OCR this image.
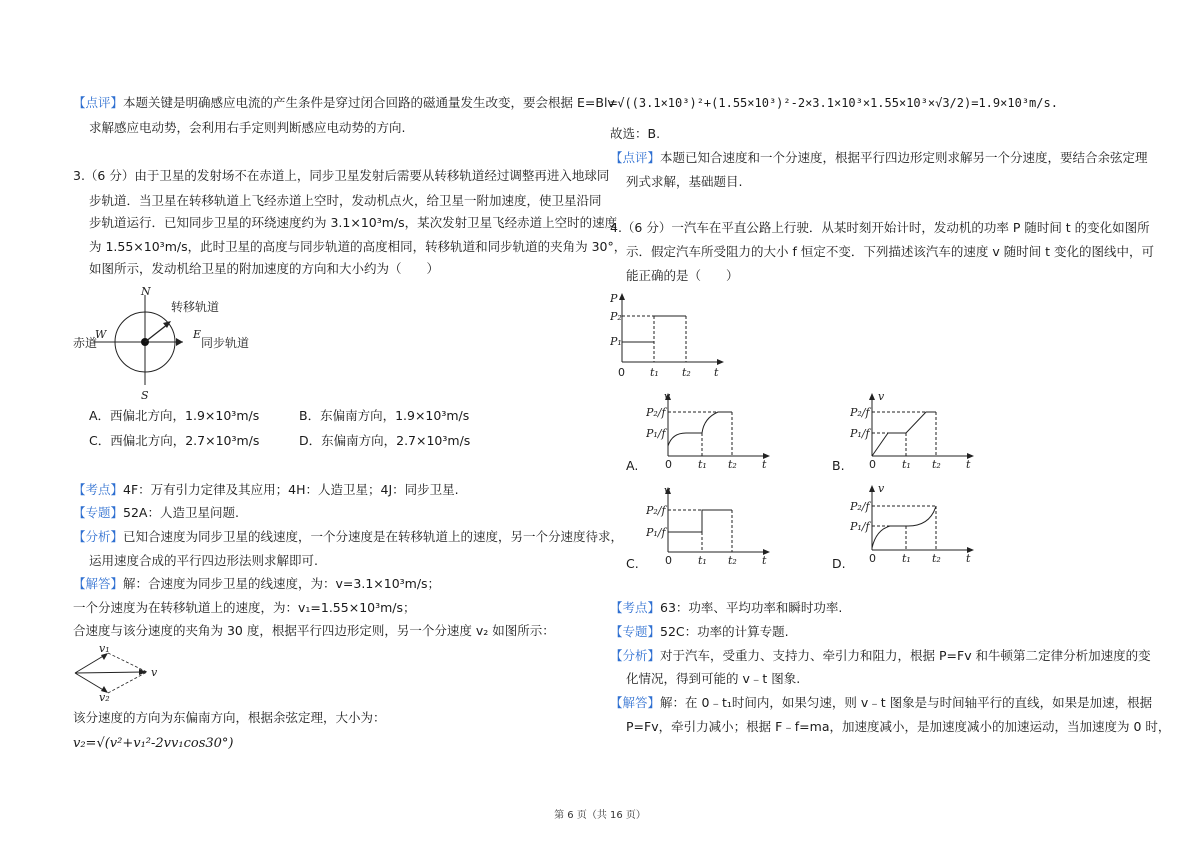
【点评】本题关键是明确感应电流的产生条件是穿过闭合回路的磁通量发生改变，要会根据 E=Blv
求解感应电动势，会利用右手定则判断感应电动势的方向.
3.（6 分）由于卫星的发射场不在赤道上，同步卫星发射后需要从转移轨道经过调整再进入地球同
步轨道．当卫星在转移轨道上飞经赤道上空时，发动机点火，给卫星一附加速度，使卫星沿同
步轨道运行．已知同步卫星的环绕速度约为 3.1×10³m/s，某次发射卫星飞经赤道上空时的速度
为 1.55×10³m/s，此时卫星的高度与同步轨道的高度相同，转移轨道和同步轨道的夹角为 30°，
如图所示，发动机给卫星的附加速度的方向和大小约为（　　）
N
S
W	E
转移轨道
赤道	同步轨道
A．西偏北方向，1.9×10³m/s	B．东偏南方向，1.9×10³m/s
C．西偏北方向，2.7×10³m/s	D．东偏南方向，2.7×10³m/s
【考点】4F：万有引力定律及其应用；4H：人造卫星；4J：同步卫星.
【专题】52A：人造卫星问题.
【分析】已知合速度为同步卫星的线速度，一个分速度是在转移轨道上的速度，另一个分速度待求，
运用速度合成的平行四边形法则求解即可.
【解答】解：合速度为同步卫星的线速度，为：v=3.1×10³m/s；
一个分速度为在转移轨道上的速度，为：v₁=1.55×10³m/s；
合速度与该分速度的夹角为 30 度，根据平行四边形定则，另一个分速度 v₂ 如图所示：
v₁
v
v₂
该分速度的方向为东偏南方向，根据余弦定理，大小为：
v₂=√(v²+v₁²-2vv₁cos30°)
=√((3.1×10³)²+(1.55×10³)²-2×3.1×10³×1.55×10³×√3/2)=1.9×10³m/s.
故选：B.
【点评】本题已知合速度和一个分速度，根据平行四边形定则求解另一个分速度，要结合余弦定理
列式求解，基础题目.
4.（6 分）一汽车在平直公路上行驶．从某时刻开始计时，发动机的功率 P 随时间 t 的变化如图所
示．假定汽车所受阻力的大小 f 恒定不变．下列描述该汽车的速度 v 随时间 t 变化的图线中，可
能正确的是（　　）
P
P₂
P₁
0 t₁ t₂ t
v
P₂/f
P₁/f
0 t₁ t₂ t
A.
v
P₂/f
P₁/f
0 t₁ t₂ t
B.
v
P₂/f
P₁/f
0 t₁ t₂ t
C.
v
P₂/f
P₁/f
0 t₁ t₂ t
D.
【考点】63：功率、平均功率和瞬时功率.
【专题】52C：功率的计算专题.
【分析】对于汽车，受重力、支持力、牵引力和阻力，根据 P=Fv 和牛顿第二定律分析加速度的变
化情况，得到可能的 v﹣t 图象.
【解答】解：在 0﹣t₁时间内，如果匀速，则 v﹣t 图象是与时间轴平行的直线，如果是加速，根据
P=Fv，牵引力减小；根据 F﹣f=ma，加速度减小，是加速度减小的加速运动，当加速度为 0 时，
第 6 页（共 16 页）
